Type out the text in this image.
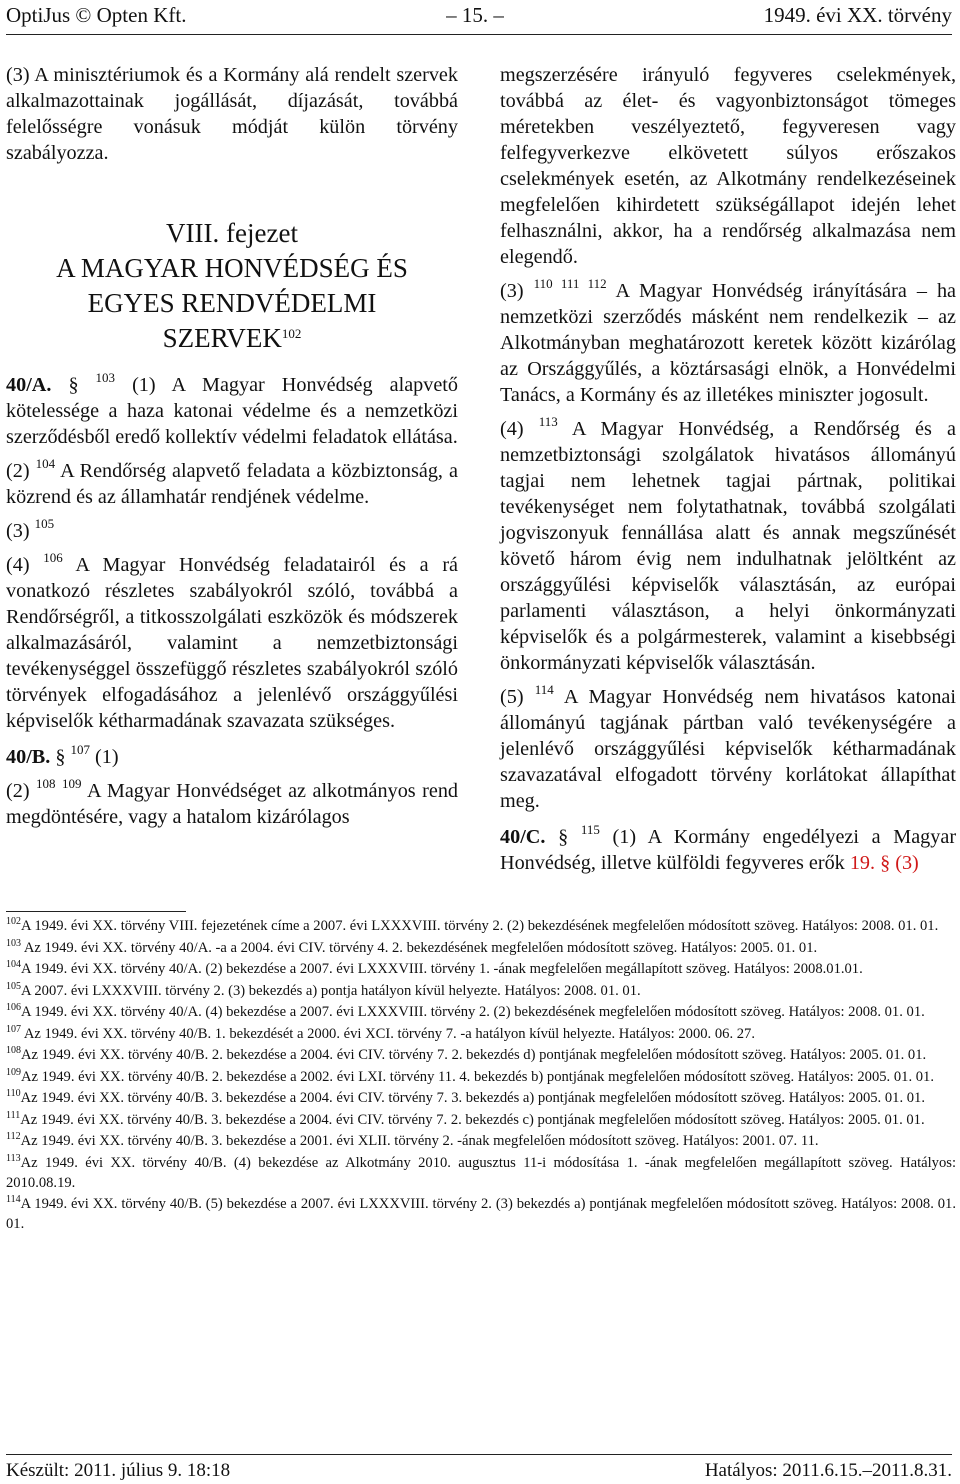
OptiJus © Opten Kft.	– 15. –	1949. évi XX. törvény

(3) A minisztériumok és a Kormány alá rendelt szervek alkalmazottainak jogállását, díjazását, továbbá felelősségre vonásuk módját külön törvény szabályozza.

VIII. fejezet
A MAGYAR HONVÉDSÉG ÉS
EGYES RENDVÉDELMI
SZERVEK$^{102}$

40/A. § $^{103}$ (1) A Magyar Honvédség alapvető kötelessége a haza katonai védelme és a nemzetközi szerződésből eredő kollektív védelmi feladatok ellátása.

(2) $^{104}$ A Rendőrség alapvető feladata a közbiztonság, a közrend és az államhatár rendjének védelme.

(3) $^{105}$

(4) $^{106}$ A Magyar Honvédség feladatairól és a rá vonatkozó részletes szabályokról szóló, továbbá a Rendőrségről, a titkosszolgálati eszközök és módszerek alkalmazásáról, valamint a nemzetbiztonsági tevékenységgel összefüggő részletes szabályokról szóló törvények elfogadásához a jelenlévő országgyűlési képviselők kétharmadának szavazata szükséges.

40/B. § $^{107}$ (1)

(2) $^{108}$ $^{109}$ A Magyar Honvédséget az alkotmányos rend megdöntésére, vagy a hatalom kizárólagos

megszerzésére irányuló fegyveres cselekmények, továbbá az élet- és vagyonbiztonságot tömeges méretekben veszélyeztető, fegyveresen vagy felfegyverkezve elkövetett súlyos erőszakos cselekmények esetén, az Alkotmány rendelkezéseinek megfelelően kihirdetett szükségállapot idején lehet felhasználni, akkor, ha a rendőrség alkalmazása nem elegendő.

(3) $^{110 111 112}$ A Magyar Honvédség irányítására – ha nemzetközi szerződés másként nem rendelkezik – az Alkotmányban meghatározott keretek között kizárólag az Országgyűlés, a köztársasági elnök, a Honvédelmi Tanács, a Kormány és az illetékes miniszter jogosult.

(4) $^{113}$ A Magyar Honvédség, a Rendőrség és a nemzetbiztonsági szolgálatok hivatásos állományú tagjai nem lehetnek tagjai pártnak, politikai tevékenységet nem folytathatnak, továbbá szolgálati jogviszonyuk fennállása alatt és annak megszűnését követő három évig nem indulhatnak jelöltként az országgyűlési képviselők választásán, az európai parlamenti választáson, a helyi önkormányzati képviselők és a polgármesterek, valamint a kisebbségi önkormányzati képviselők választásán.

(5) $^{114}$ A Magyar Honvédség nem hivatásos katonai állományú tagjának pártban való tevékenységére a jelenlévő országgyűlési képviselők kétharmadának szavazatával elfogadott törvény korlátokat állapíthat meg.

40/C. § $^{115}$ (1) A Kormány engedélyezi a Magyar Honvédség, illetve külföldi fegyveres erők 19. § (3)

$^{102}$A 1949. évi XX. törvény VIII. fejezetének címe a 2007. évi LXXXVIII. törvény 2. (2) bekezdésének megfelelően módosított szöveg. Hatályos: 2008. 01. 01.
$^{103}$ Az 1949. évi XX. törvény 40/A. -a a 2004. évi CIV. törvény 4. 2. bekezdésének megfelelően módosított szöveg. Hatályos: 2005. 01. 01.
$^{104}$A 1949. évi XX. törvény 40/A. (2) bekezdése a 2007. évi LXXXVIII. törvény 1. -ának megfelelően megállapított szöveg. Hatályos: 2008.01.01.
$^{105}$A 2007. évi LXXXVIII. törvény 2. (3) bekezdés a) pontja hatályon kívül helyezte. Hatályos: 2008. 01. 01.
$^{106}$A 1949. évi XX. törvény 40/A. (4) bekezdése a 2007. évi LXXXVIII. törvény 2. (2) bekezdésének megfelelően módosított szöveg. Hatályos: 2008. 01. 01.
$^{107}$ Az 1949. évi XX. törvény 40/B. 1. bekezdését a 2000. évi XCI. törvény 7. -a hatályon kívül helyezte. Hatályos: 2000. 06. 27.
$^{108}$Az 1949. évi XX. törvény 40/B. 2. bekezdése a 2004. évi CIV. törvény 7. 2. bekezdés d) pontjának megfelelően módosított szöveg. Hatályos: 2005. 01. 01.
$^{109}$Az 1949. évi XX. törvény 40/B. 2. bekezdése a 2002. évi LXI. törvény 11. 4. bekezdés b) pontjának megfelelően módosított szöveg. Hatályos: 2005. 01. 01.
$^{110}$Az 1949. évi XX. törvény 40/B. 3. bekezdése a 2004. évi CIV. törvény 7. 3. bekezdés a) pontjának megfelelően módosított szöveg. Hatályos: 2005. 01. 01.
$^{111}$Az 1949. évi XX. törvény 40/B. 3. bekezdése a 2004. évi CIV. törvény 7. 2. bekezdés c) pontjának megfelelően módosított szöveg. Hatályos: 2005. 01. 01.
$^{112}$Az 1949. évi XX. törvény 40/B. 3. bekezdése a 2001. évi XLII. törvény 2. -ának megfelelően módosított szöveg. Hatályos: 2001. 07. 11.
$^{113}$Az 1949. évi XX. törvény 40/B. (4) bekezdése az Alkotmány 2010. augusztus 11-i módosítása 1. -ának megfelelően megállapított szöveg. Hatályos: 2010.08.19.
$^{114}$A 1949. évi XX. törvény 40/B. (5) bekezdése a 2007. évi LXXXVIII. törvény 2. (3) bekezdés a) pontjának megfelelően módosított szöveg. Hatályos: 2008. 01. 01.
Készült: 2011. július 9. 18:18	Hatályos: 2011.6.15.–2011.8.31.
